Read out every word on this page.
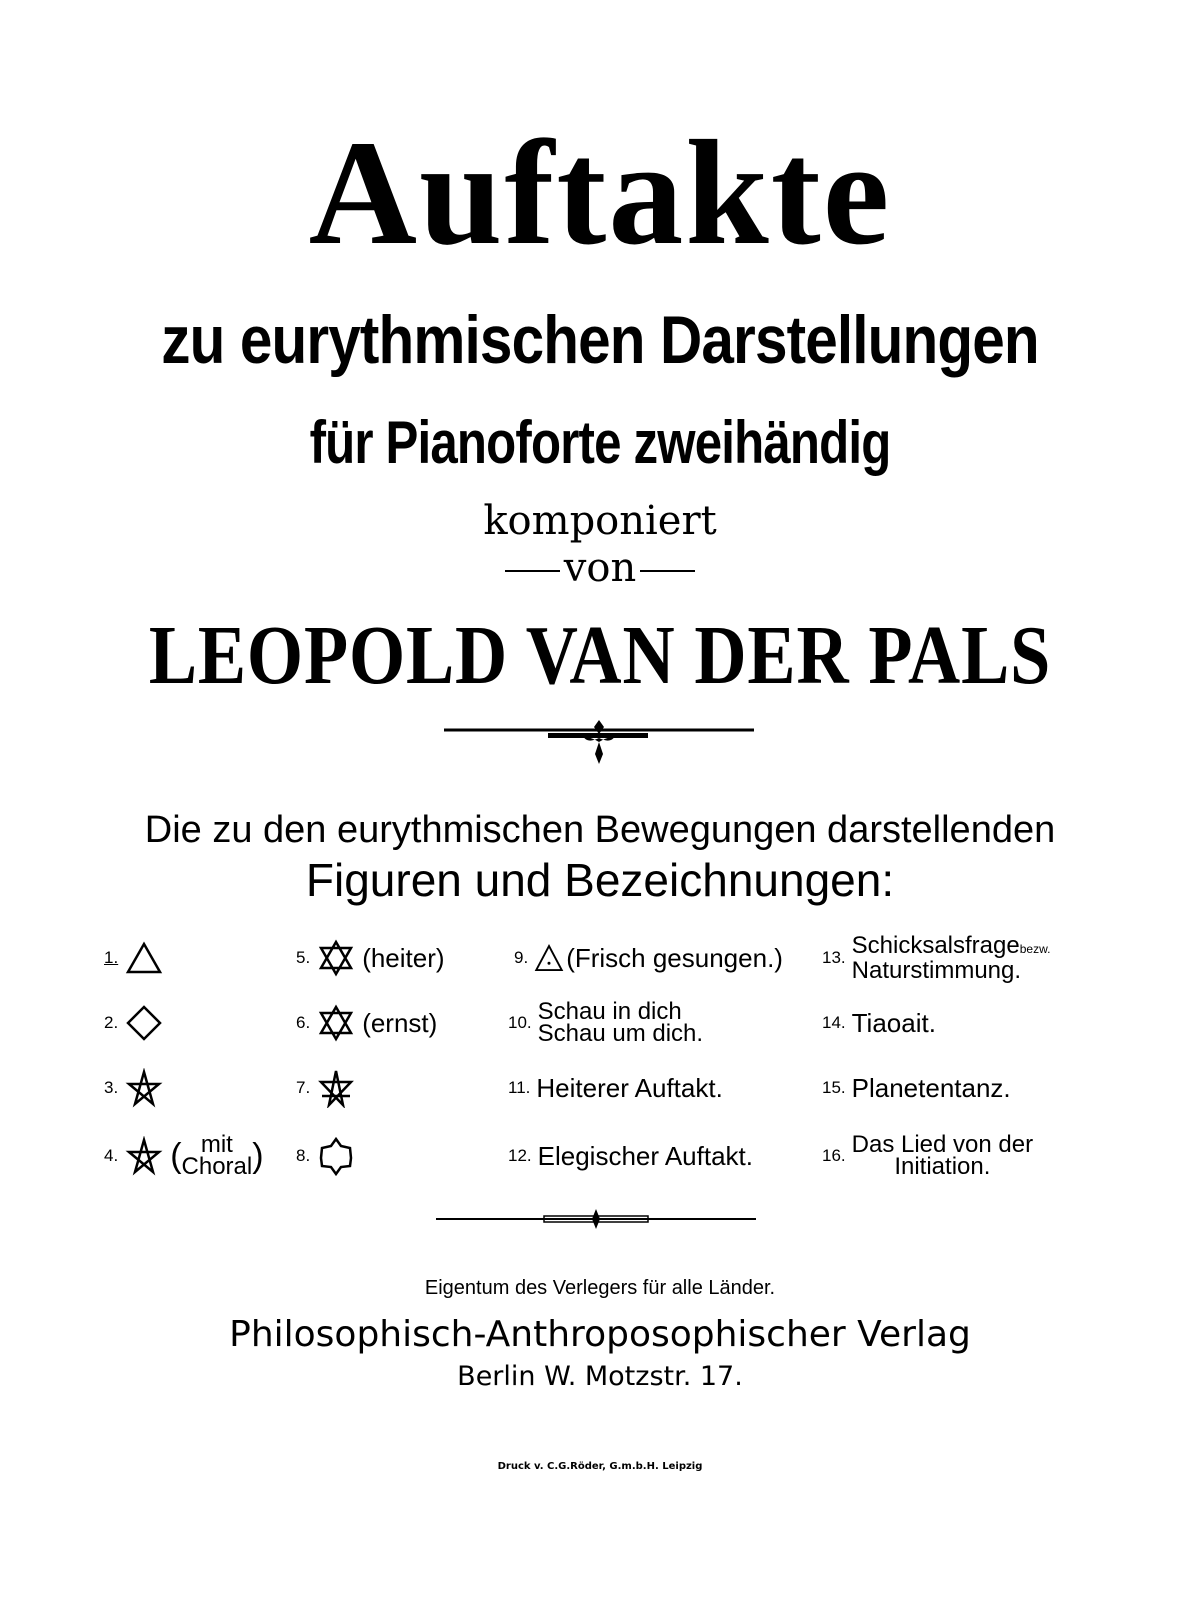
Auftakte
zu eurythmischen Darstellungen
für Pianoforte zweihändig
komponiert
von
LEOPOLD VAN DER PALS
Die zu den eurythmischen Bewegungen darstellenden
Figuren und Bezeichnungen:
1.
2.
3.
4. ( mit
Choral )
5. (heiter)
6. (ernst)
7.
8.
9. (Frisch gesungen.)
10. Schau in dich
Schau um dich.
11. Heiterer Auftakt.
12. Elegischer Auftakt.
13. Schicksalsfragebezw.
Naturstimmung.
14. Tiaoait.
15. Planetentanz.
16. Das Lied von der
Initiation.
Eigentum des Verlegers für alle Länder.
Philosophisch-Anthroposophischer Verlag
Berlin W. Motzstr. 17.
Druck v. C.G.Röder, G.m.b.H. Leipzig
